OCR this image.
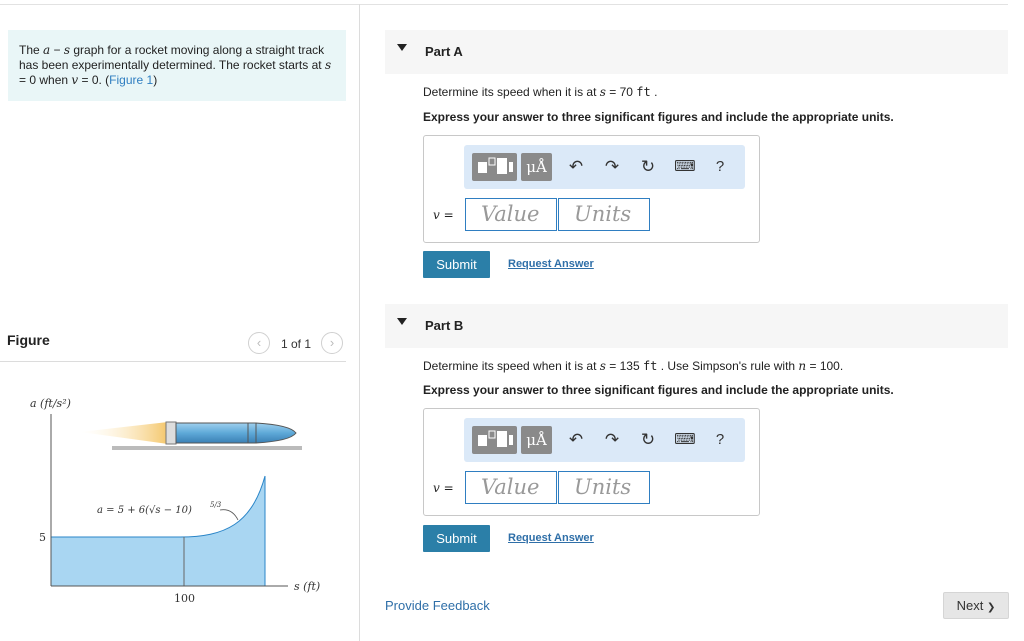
The a − s graph for a rocket moving along a straight track has been experimentally determined. The rocket starts at s = 0 when v = 0. (Figure 1)
Figure	‹	1 of 1	›
a (ft/s²)
s (ft)
a = 5 + 6(√s − 10)	5/3
5
100
Part A
Determine its speed when it is at s = 70 ft .
Express your answer to three significant figures and include the appropriate units.
μÅ	↶ ↷ ↻ ⌨ ?
v =	Value	Units
Submit	Request Answer
Part B
Determine its speed when it is at s = 135 ft . Use Simpson's rule with n = 100.
Express your answer to three significant figures and include the appropriate units.
μÅ	↶ ↷ ↻ ⌨ ?
v =	Value	Units
Submit	Request Answer
Provide Feedback	Next ❯
